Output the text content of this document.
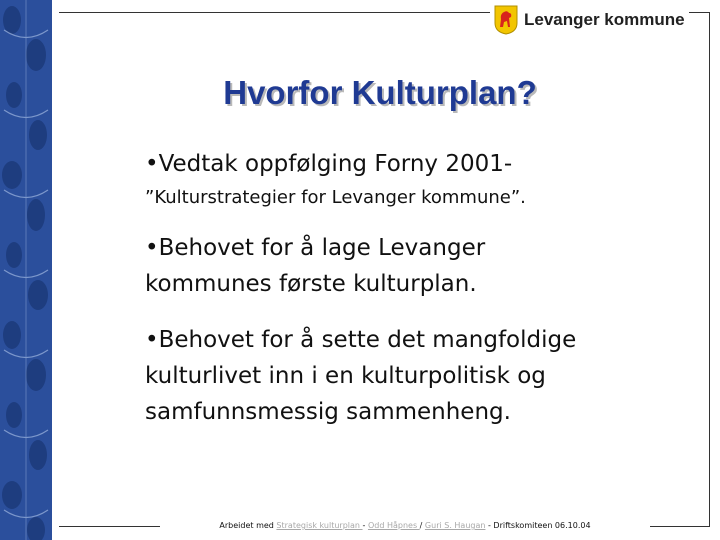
Levanger kommune
Hvorfor Kulturplan?

•Vedtak oppfølging Forny 2001-

”Kulturstrategier for Levanger kommune”.

•Behovet for å lage Levanger

kommunes første kulturplan.

•Behovet for å sette det mangfoldige

kulturlivet inn i en kulturpolitisk og

samfunnsmessig sammenheng.

Arbeidet med Strategisk kulturplan - Odd Håpnes / Guri S. Haugan - Driftskomiteen 06.10.04
